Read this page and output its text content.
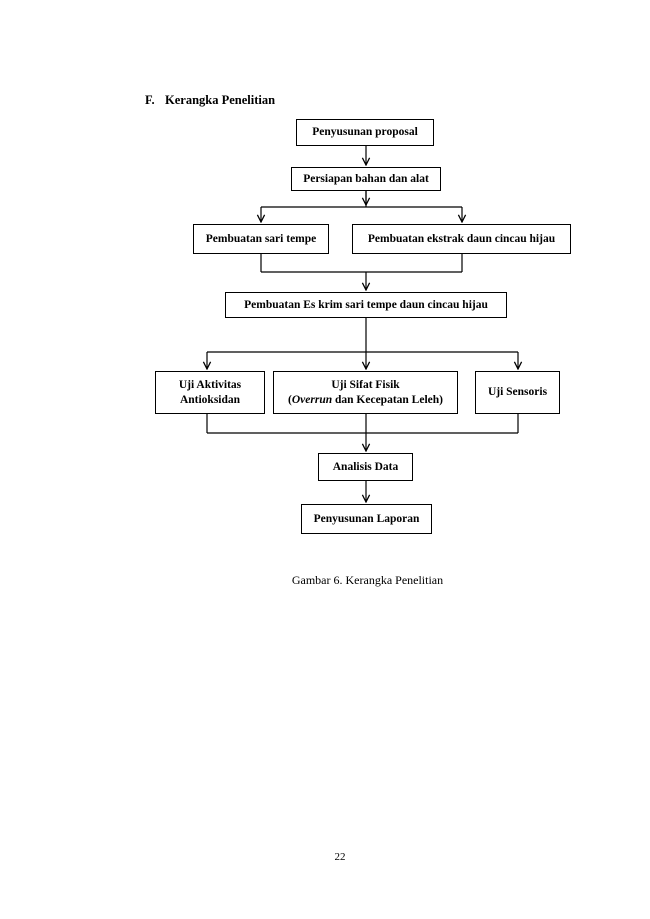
F. Kerangka Penelitian
Penyusunan proposal
Persiapan bahan dan alat
Pembuatan sari tempe	Pembuatan ekstrak daun cincau hijau
Pembuatan Es krim sari tempe daun cincau hijau
Uji Aktivitas
Antioksidan
Uji Sifat Fisik
(Overrun dan Kecepatan Leleh)
Uji Sensoris
Analisis Data
Penyusunan Laporan
Gambar 6. Kerangka Penelitian
22
